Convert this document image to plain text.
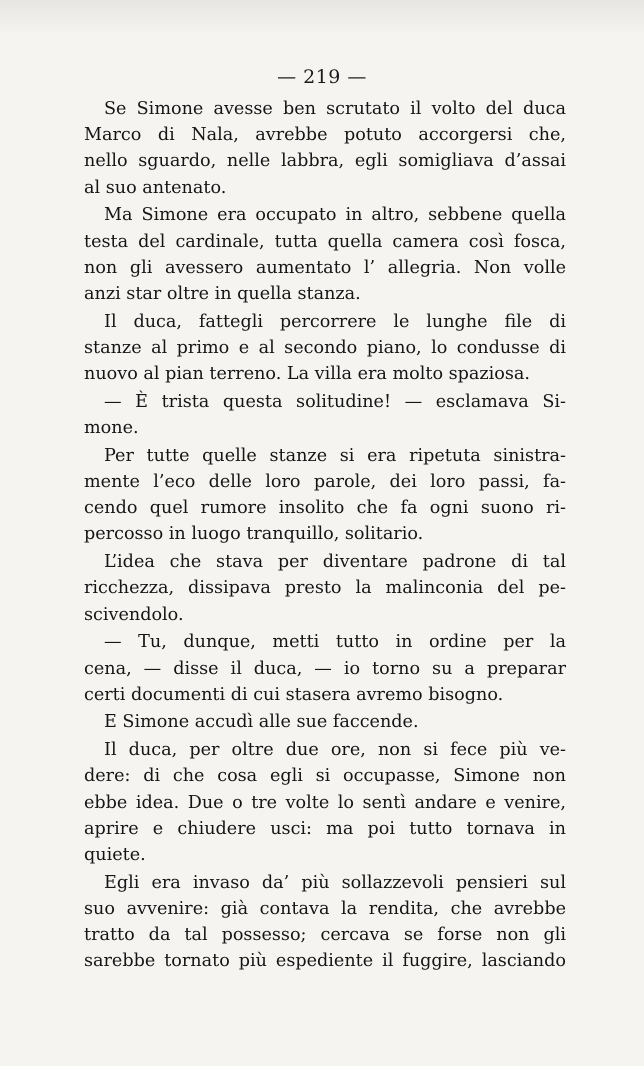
— 219 —
Se Simone avesse ben scrutato il volto del duca
Marco di Nala, avrebbe potuto accorgersi che,
nello sguardo, nelle labbra, egli somigliava d’assai
al suo antenato.
Ma Simone era occupato in altro, sebbene quella
testa del cardinale, tutta quella camera così fosca,
non gli avessero aumentato l’ allegria. Non volle
anzi star oltre in quella stanza.
Il duca, fattegli percorrere le lunghe file di
stanze al primo e al secondo piano, lo condusse di
nuovo al pian terreno. La villa era molto spaziosa.
— È trista questa solitudine! — esclamava Si-
mone.
Per tutte quelle stanze si era ripetuta sinistra-
mente l’eco delle loro parole, dei loro passi, fa-
cendo quel rumore insolito che fa ogni suono ri-
percosso in luogo tranquillo, solitario.
L’idea che stava per diventare padrone di tal
ricchezza, dissipava presto la malinconia del pe-
scivendolo.
— Tu, dunque, metti tutto in ordine per la
cena, — disse il duca, — io torno su a preparar
certi documenti di cui stasera avremo bisogno.
E Simone accudì alle sue faccende.
Il duca, per oltre due ore, non si fece più ve-
dere: di che cosa egli si occupasse, Simone non
ebbe idea. Due o tre volte lo sentì andare e venire,
aprire e chiudere usci: ma poi tutto tornava in
quiete.
Egli era invaso da’ più sollazzevoli pensieri sul
suo avvenire: già contava la rendita, che avrebbe
tratto da tal possesso; cercava se forse non gli
sarebbe tornato più espediente il fuggire, lasciando
